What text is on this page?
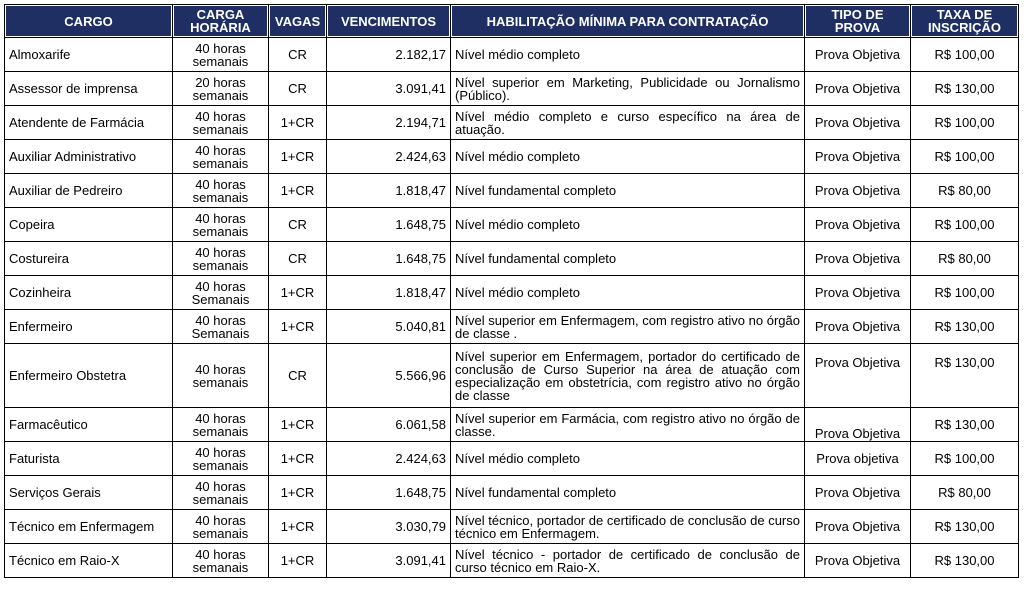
CARGO	CARGA HORÁRIA	VAGAS	VENCIMENTOS	HABILITAÇÃO MÍNIMA PARA CONTRATAÇÃO	TIPO DE PROVA	TAXA DE INSCRIÇÃO
Almoxarife	40 horas semanais	CR	2.182,17	Nível médio completo	Prova Objetiva	R$ 100,00
Assessor de imprensa	20 horas semanais	CR	3.091,41	Nível superior em Marketing, Publicidade ou Jornalismo (Público).	Prova Objetiva	R$ 130,00
Atendente de Farmácia	40 horas semanais	1+CR	2.194,71	Nível médio completo e curso específico na área de atuação.	Prova Objetiva	R$ 100,00
Auxiliar Administrativo	40 horas semanais	1+CR	2.424,63	Nível médio completo	Prova Objetiva	R$ 100,00
Auxiliar de Pedreiro	40 horas semanais	1+CR	1.818,47	Nível fundamental completo	Prova Objetiva	R$ 80,00
Copeira	40 horas semanais	CR	1.648,75	Nível médio completo	Prova Objetiva	R$ 100,00
Costureira	40 horas semanais	CR	1.648,75	Nível fundamental completo	Prova Objetiva	R$ 80,00
Cozinheira	40 horas Semanais	1+CR	1.818,47	Nível médio completo	Prova Objetiva	R$ 100,00
Enfermeiro	40 horas Semanais	1+CR	5.040,81	Nível superior em Enfermagem, com registro ativo no órgão de classe .	Prova Objetiva	R$ 130,00
Enfermeiro Obstetra	40 horas semanais	CR	5.566,96	Nível superior em Enfermagem, portador do certificado de conclusão de Curso Superior na área de atuação com especialização em obstetrícia, com registro ativo no órgão de classe	Prova Objetiva	R$ 130,00
Farmacêutico	40 horas semanais	1+CR	6.061,58	Nível superior em Farmácia, com registro ativo no órgão de classe.	Prova Objetiva	R$ 130,00
Faturista	40 horas semanais	1+CR	2.424,63	Nível médio completo	Prova objetiva	R$ 100,00
Serviços Gerais	40 horas semanais	1+CR	1.648,75	Nível fundamental completo	Prova Objetiva	R$ 80,00
Técnico em Enfermagem	40 horas semanais	1+CR	3.030,79	Nível técnico, portador de certificado de conclusão de curso técnico em Enfermagem.	Prova Objetiva	R$ 130,00
Técnico em Raio-X	40 horas semanais	1+CR	3.091,41	Nível técnico - portador de certificado de conclusão de curso técnico em Raio-X.	Prova Objetiva	R$ 130,00
